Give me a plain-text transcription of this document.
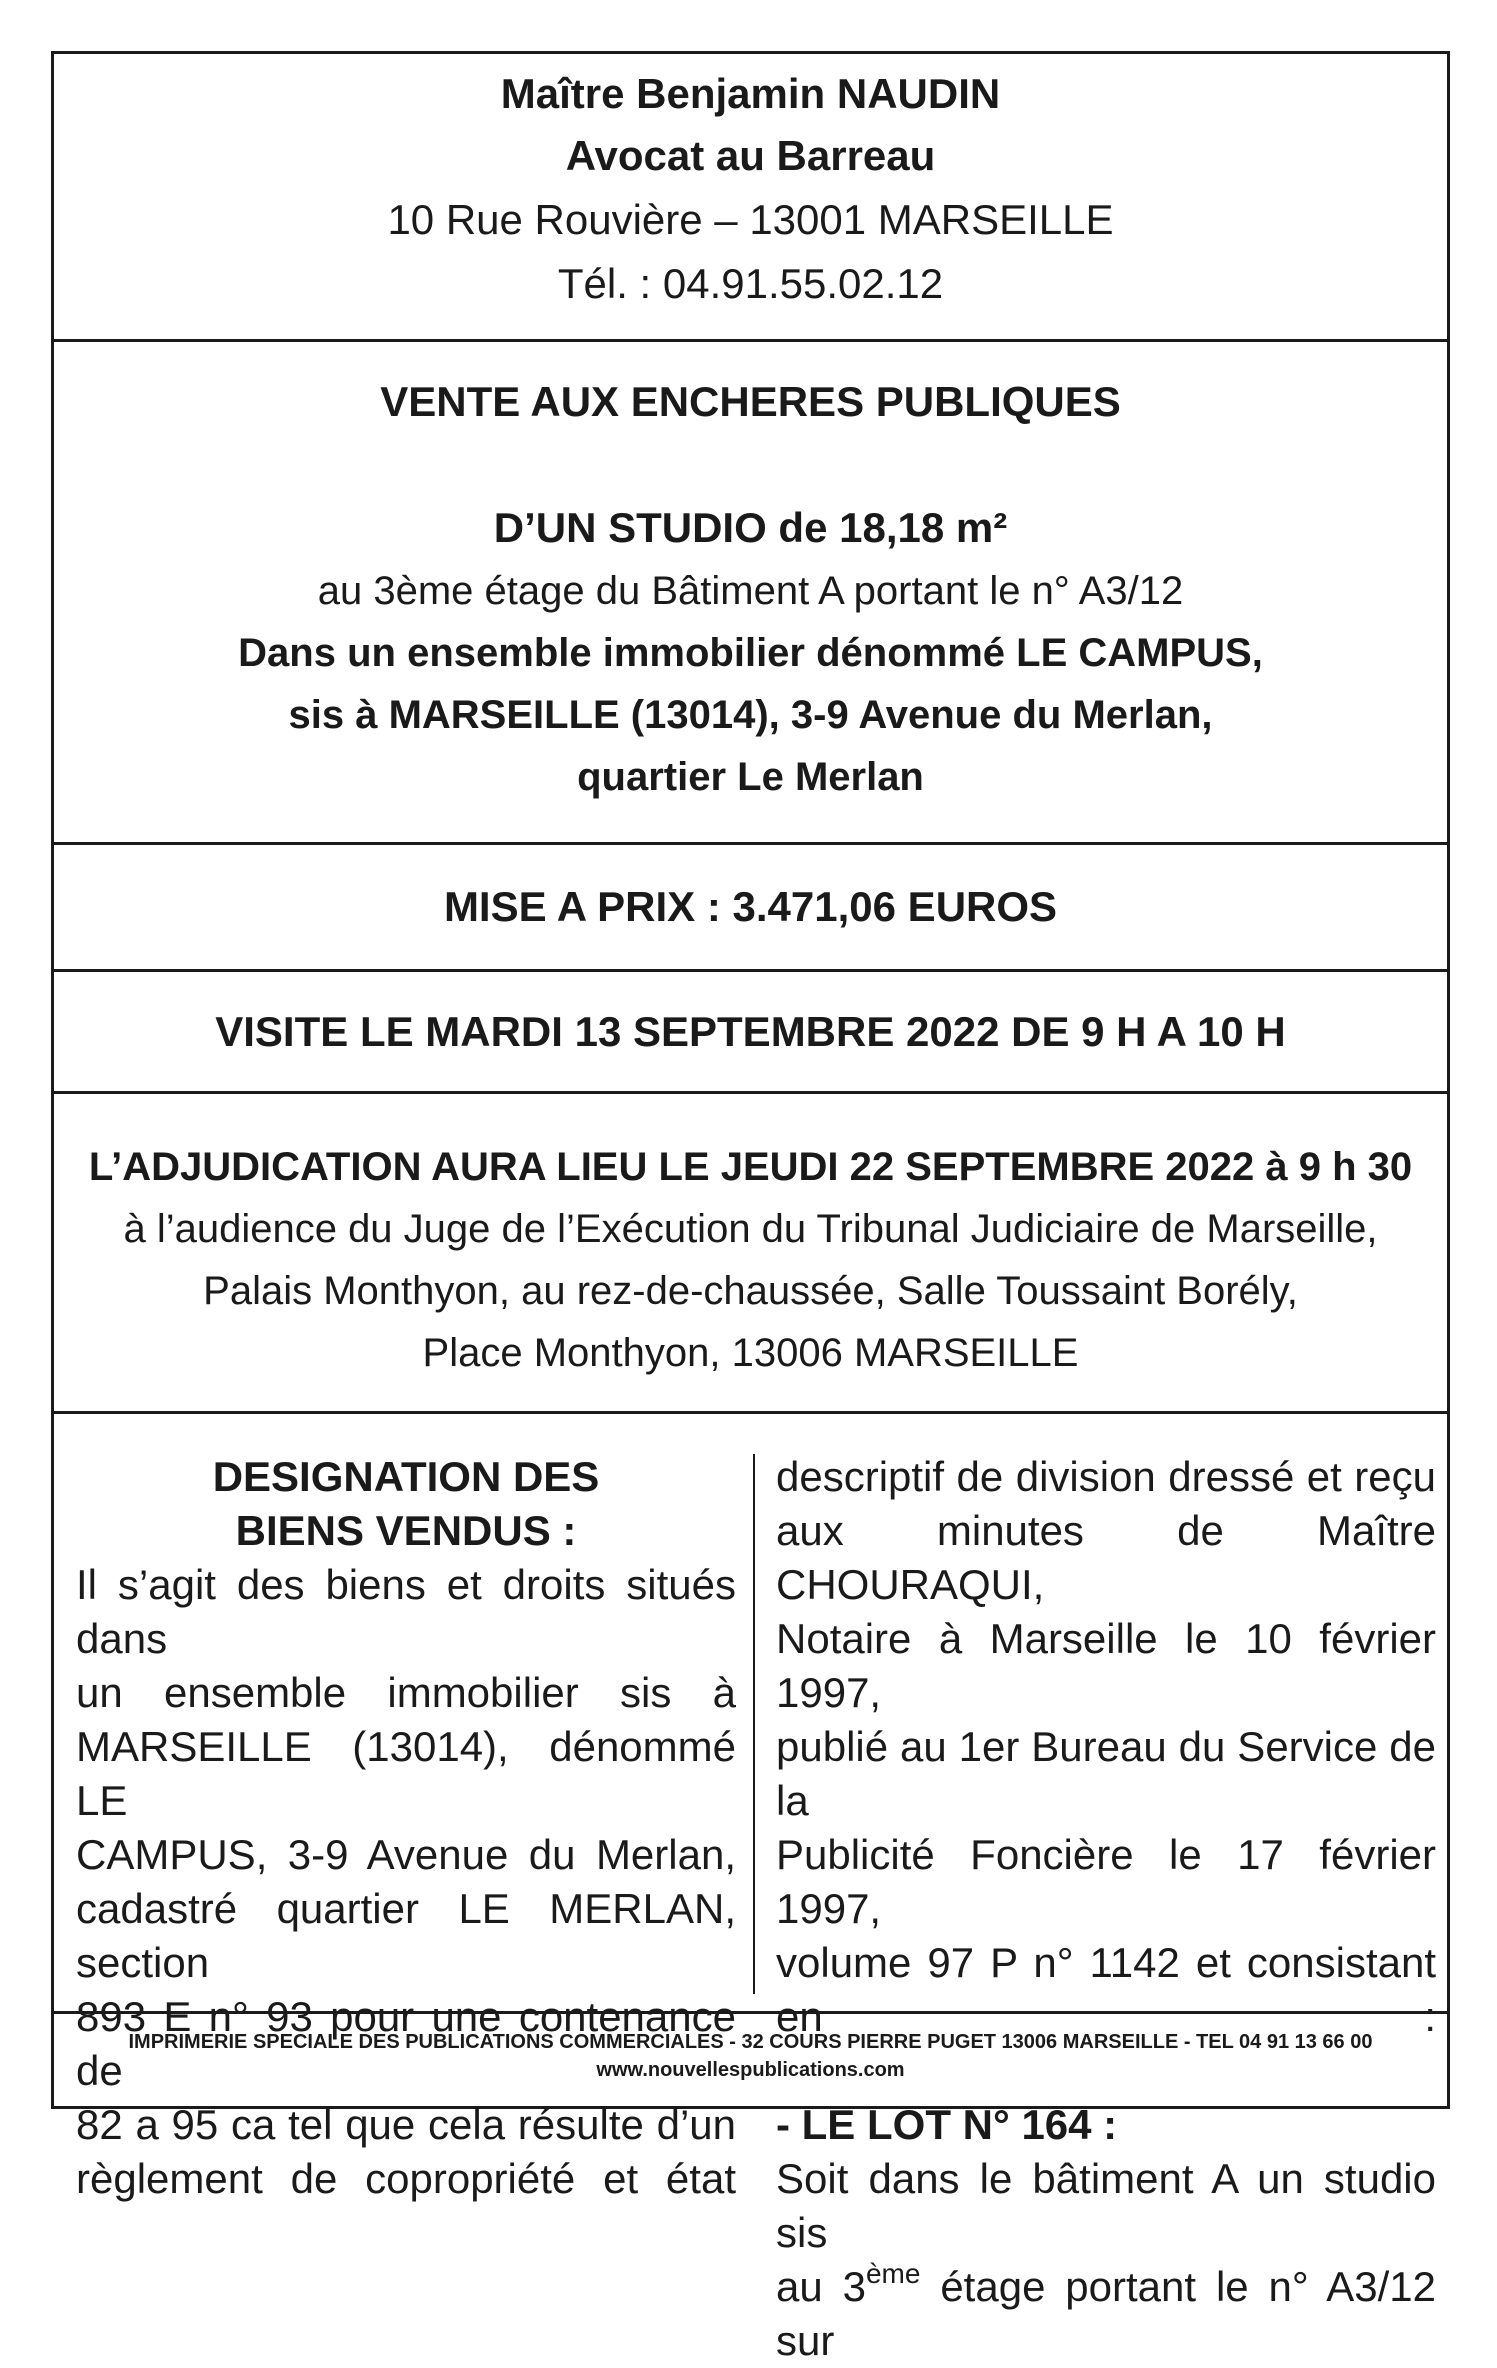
Maître Benjamin NAUDIN
Avocat au Barreau
10 Rue Rouvière – 13001 MARSEILLE
Tél. : 04.91.55.02.12
VENTE AUX ENCHERES PUBLIQUES
D’UN STUDIO de 18,18 m²
au 3ème étage du Bâtiment A portant le n° A3/12
Dans un ensemble immobilier dénommé LE CAMPUS,
sis à MARSEILLE (13014), 3-9 Avenue du Merlan,
quartier Le Merlan
MISE A PRIX : 3.471,06 EUROS
VISITE LE MARDI 13 SEPTEMBRE 2022 DE 9 H A 10 H
L’ADJUDICATION AURA LIEU LE JEUDI 22 SEPTEMBRE 2022 à 9 h 30
à l’audience du Juge de l’Exécution du Tribunal Judiciaire de Marseille,
Palais Monthyon, au rez-de-chaussée, Salle Toussaint Borély,
Place Monthyon, 13006 MARSEILLE
DESIGNATION DES
BIENS VENDUS :
Il s’agit des biens et droits situés dans
un ensemble immobilier sis à
MARSEILLE (13014), dénommé LE
CAMPUS, 3-9 Avenue du Merlan,
cadastré quartier LE MERLAN, section
893 E n° 93 pour une contenance de
82 a 95 ca tel que cela résulte d’un
règlement de copropriété et état
descriptif de division dressé et reçu
aux minutes de Maître CHOURAQUI,
Notaire à Marseille le 10 février 1997,
publié au 1er Bureau du Service de la
Publicité Foncière le 17 février 1997,
volume 97 P n° 1142 et consistant en :
- LE LOT N° 164 :
Soit dans le bâtiment A un studio sis
au 3ème étage portant le n° A3/12 sur
IMPRIMERIE SPECIALE DES PUBLICATIONS COMMERCIALES - 32 COURS PIERRE PUGET 13006 MARSEILLE - TEL 04 91 13 66 00
www.nouvellespublications.com
